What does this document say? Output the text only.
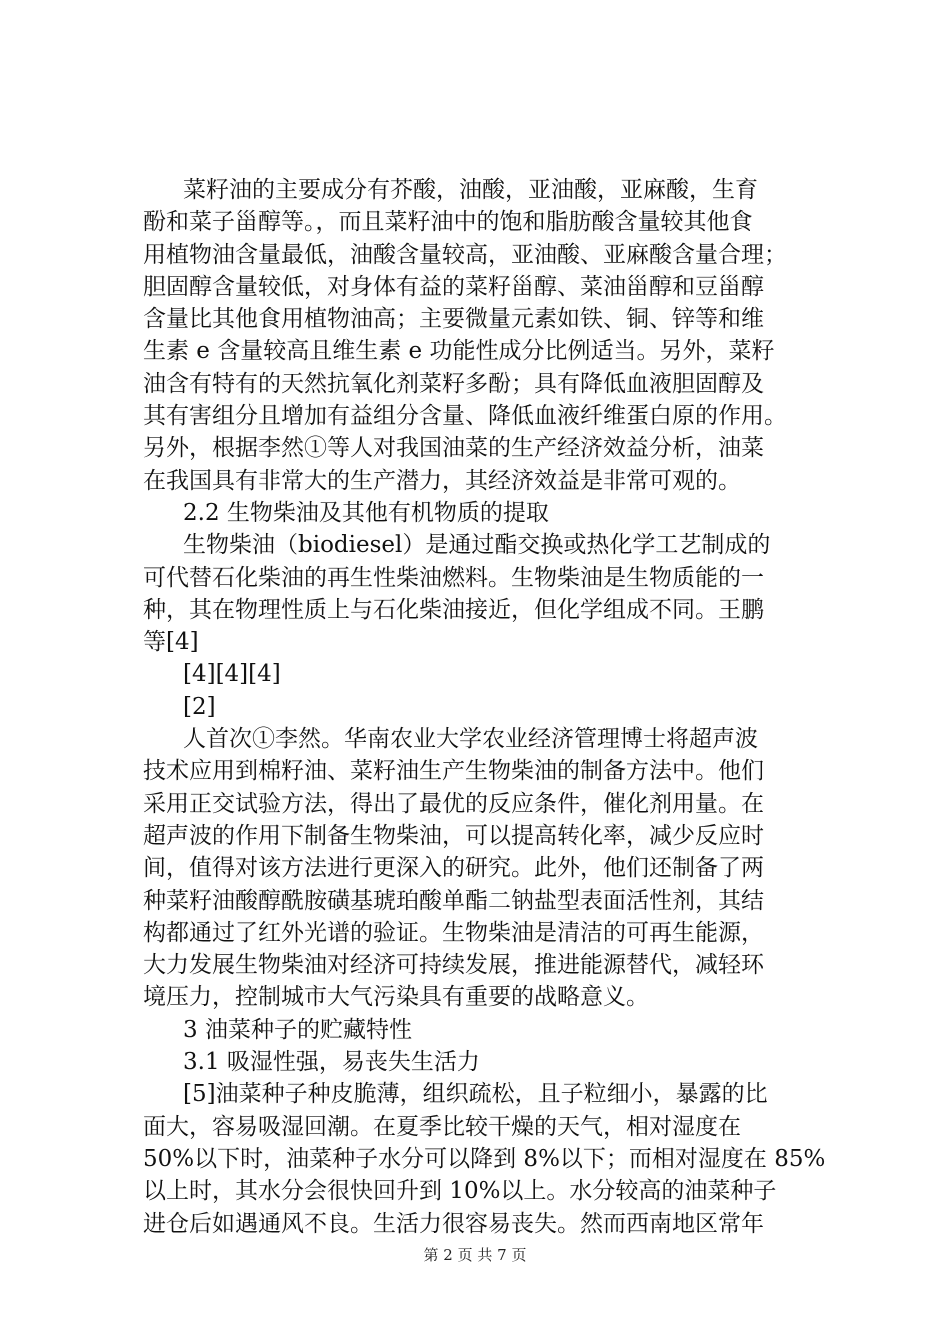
菜籽油的主要成分有芥酸，油酸，亚油酸，亚麻酸，生育
酚和菜子甾醇等。，而且菜籽油中的饱和脂肪酸含量较其他食
用植物油含量最低，油酸含量较高，亚油酸、亚麻酸含量合理；
胆固醇含量较低，对身体有益的菜籽甾醇、菜油甾醇和豆甾醇
含量比其他食用植物油高；主要微量元素如铁、铜、锌等和维
生素 e 含量较高且维生素 e 功能性成分比例适当。另外，菜籽
油含有特有的天然抗氧化剂菜籽多酚；具有降低血液胆固醇及
其有害组分且增加有益组分含量、降低血液纤维蛋白原的作用。
另外，根据李然①等人对我国油菜的生产经济效益分析，油菜
在我国具有非常大的生产潜力，其经济效益是非常可观的。
2.2 生物柴油及其他有机物质的提取
生物柴油（biodiesel）是通过酯交换或热化学工艺制成的
可代替石化柴油的再生性柴油燃料。生物柴油是生物质能的一
种，其在物理性质上与石化柴油接近，但化学组成不同。王鹏
等[4]
[4][4][4]
[2]
人首次①李然。华南农业大学农业经济管理博士将超声波
技术应用到棉籽油、菜籽油生产生物柴油的制备方法中。他们
采用正交试验方法，得出了最优的反应条件，催化剂用量。在
超声波的作用下制备生物柴油，可以提高转化率，减少反应时
间，值得对该方法进行更深入的研究。此外，他们还制备了两
种菜籽油酸醇酰胺磺基琥珀酸单酯二钠盐型表面活性剂，其结
构都通过了红外光谱的验证。生物柴油是清洁的可再生能源，
大力发展生物柴油对经济可持续发展，推进能源替代，减轻环
境压力，控制城市大气污染具有重要的战略意义。
3 油菜种子的贮藏特性
3.1 吸湿性强，易丧失生活力
[5]油菜种子种皮脆薄，组织疏松，且子粒细小，暴露的比
面大，容易吸湿回潮。在夏季比较干燥的天气，相对湿度在
50%以下时，油菜种子水分可以降到 8%以下；而相对湿度在 85%
以上时，其水分会很快回升到 10%以上。水分较高的油菜种子
进仓后如遇通风不良。生活力很容易丧失。然而西南地区常年
第 2 页 共 7 页
